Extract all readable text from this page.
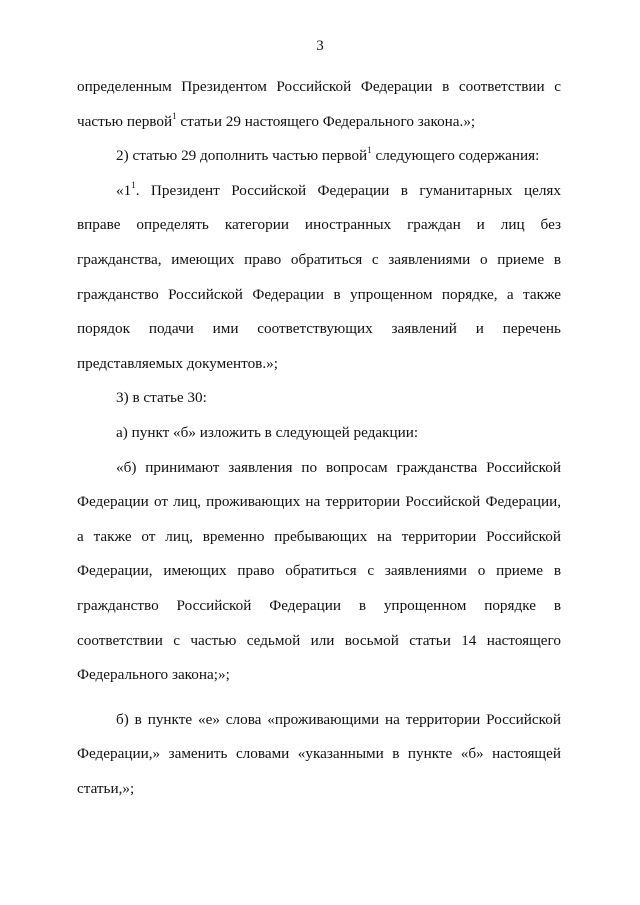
3

определенным Президентом Российской Федерации в соответствии с частью первой$^1$ статьи 29 настоящего Федерального закона.»;

2) статью 29 дополнить частью первой$^1$ следующего содержания:

«$1^1$. Президент Российской Федерации в гуманитарных целях вправе определять категории иностранных граждан и лиц без гражданства, имеющих право обратиться с заявлениями о приеме в гражданство Российской Федерации в упрощенном порядке, а также порядок подачи ими соответствующих заявлений и перечень представляемых документов.»;

3) в статье 30:

а) пункт «б» изложить в следующей редакции:

«б) принимают заявления по вопросам гражданства Российской Федерации от лиц, проживающих на территории Российской Федерации, а также от лиц, временно пребывающих на территории Российской Федерации, имеющих право обратиться с заявлениями о приеме в гражданство Российской Федерации в упрощенном порядке в соответствии с частью седьмой или восьмой статьи 14 настоящего Федерального закона;»;

б) в пункте «е» слова «проживающими на территории Российской Федерации,» заменить словами «указанными в пункте «б» настоящей статьи,»;
